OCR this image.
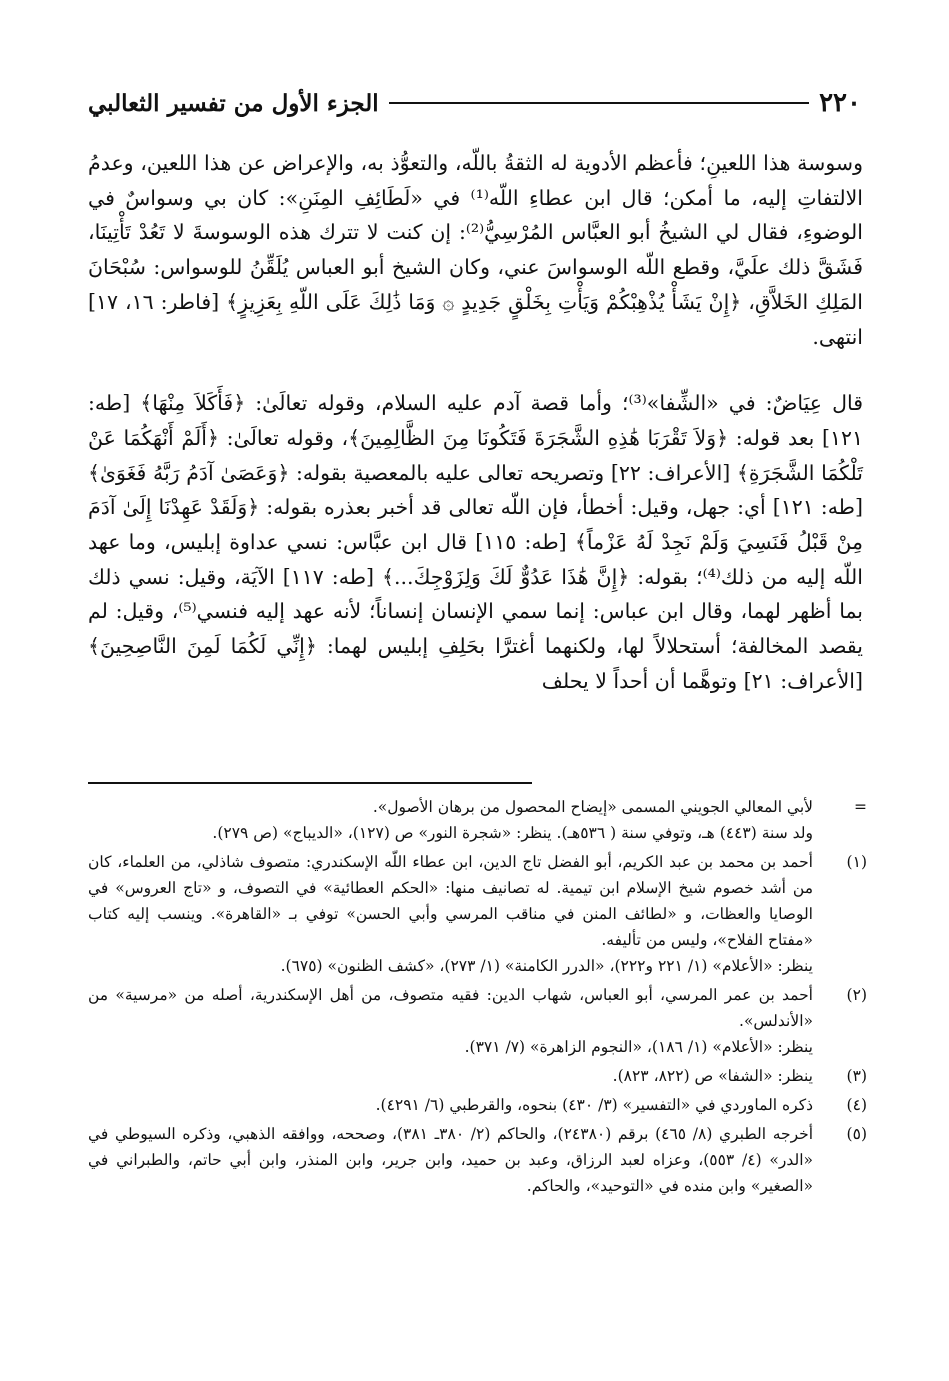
٢٢٠
الجزء الأول من تفسير الثعالبي

وسوسة هذا اللعينِ؛ فأعظم الأدوية له الثقةُ باللّه، والتعوُّذ به، والإعراض عن هذا اللعين، وعدمُ الالتفاتِ إليه، ما أمكن؛ قال ابن عطاءِ اللّه⁽¹⁾ في «لَطَائِفِ المِنَنِ»: كان بي وسواسٌ في الوضوءِ، فقال لي الشيخُ أبو العبَّاس المُرْسِيُّ⁽²⁾: إن كنت لا تترك هذه الوسوسةَ لا تَعُدْ تَأْتِينَا، فَشَقَّ ذلك علَيَّ، وقطع اللّه الوسواسَ عني، وكان الشيخ أبو العباس يُلَقِّنُ للوسواس: سُبْحَانَ المَلِكِ الخَلاَّقِ، ﴿إِنْ يَشَأْ يُذْهِبْكُمْ وَيَأْتِ بِخَلْقٍ جَدِيدٍ ۞ وَمَا ذَٰلِكَ عَلَى اللّهِ بِعَزِيزٍ﴾ [فاطر: ١٦، ١٧] انتهى.

قال عِيَاضٌ: في «الشِّفا»⁽³⁾؛ وأما قصة آدم عليه السلام، وقوله تعالَىٰ: ﴿فَأَكَلاَ مِنْهَا﴾ [طه: ١٢١] بعد قوله: ﴿وَلاَ تَقْرَبَا هَٰذِهِ الشَّجَرَةَ فَتَكُونَا مِنَ الظَّالِمِينَ﴾، وقوله تعالَىٰ: ﴿أَلَمْ أَنْهَكُمَا عَنْ تَلْكُمَا الشَّجَرَةِ﴾ [الأعراف: ٢٢] وتصريحه تعالى عليه بالمعصية بقوله: ﴿وَعَصَىٰ آدَمُ رَبَّهُ فَغَوَىٰ﴾ [طه: ١٢١] أي: جهل، وقيل: أخطأ، فإن اللّه تعالى قد أخبر بعذره بقوله: ﴿وَلَقَدْ عَهِدْنَا إِلَىٰ آدَمَ مِنْ قَبْلُ فَنَسِيَ وَلَمْ نَجِدْ لَهُ عَزْماً﴾ [طه: ١١٥] قال ابن عبَّاس: نسي عداوة إبليس، وما عهد اللّه إليه من ذلك⁽⁴⁾؛ بقوله: ﴿إِنَّ هَٰذَا عَدُوٌّ لَكَ وَلِزَوْجِكَ...﴾ [طه: ١١٧] الآيَة، وقيل: نسي ذلك بما أظهر لهما، وقال ابن عباس: إنما سمي الإنسان إنساناً؛ لأنه عهد إليه فنسي⁽⁵⁾، وقيل: لم يقصد المخالفة؛ أستحلالاً لها، ولكنهما أغترَّا بحَلِفِ إبليس لهما: ﴿إِنِّي لَكُمَا لَمِنَ النَّاصِحِينَ﴾ [الأعراف: ٢١] وتوهَّما أن أحداً لا يحلف

=
لأبي المعالي الجويني المسمى «إيضاح المحصول من برهان الأصول».
ولد سنة (٤٤٣) هـ، وتوفي سنة ( ٥٣٦هـ). ينظر: «شجرة النور» ص (١٢٧)، «الديباج» (ص ٢٧٩).
(١)
أحمد بن محمد بن عبد الكريم، أبو الفضل تاج الدين، ابن عطاء اللّه الإسكندري: متصوف شاذلي، من العلماء، كان من أشد خصوم شيخ الإسلام ابن تيمية. له تصانيف منها: «الحكم العطائية» في التصوف، و «تاج العروس» في الوصايا والعظات، و «لطائف المنن في مناقب المرسي وأبي الحسن» توفي بـ «القاهرة». وينسب إليه كتاب «مفتاح الفلاح»، وليس من تأليفه.
ينظر: «الأعلام» (١/ ٢٢١ و٢٢٢)، «الدرر الكامنة» (١/ ٢٧٣)، «كشف الظنون» (٦٧٥).
(٢)
أحمد بن عمر المرسي، أبو العباس، شهاب الدين: فقيه متصوف، من أهل الإسكندرية، أصله من «مرسية» من «الأندلس».
ينظر: «الأعلام» (١/ ١٨٦)، «النجوم الزاهرة» (٧/ ٣٧١).
(٣)
ينظر: «الشفا» ص (٨٢٢، ٨٢٣).
(٤)
ذكره الماوردي في «التفسير» (٣/ ٤٣٠) بنحوه، والقرطبي (٦/ ٤٢٩١).
(٥)
أخرجه الطبري (٨/ ٤٦٥) برقم (٢٤٣٨٠)، والحاكم (٢/ ٣٨٠ـ ٣٨١)، وصححه، ووافقه الذهبي، وذكره السيوطي في «الدر» (٤/ ٥٥٣)، وعزاه لعبد الرزاق، وعبد بن حميد، وابن جرير، وابن المنذر، وابن أبي حاتم، والطبراني في «الصغير» وابن منده في «التوحيد»، والحاكم.
